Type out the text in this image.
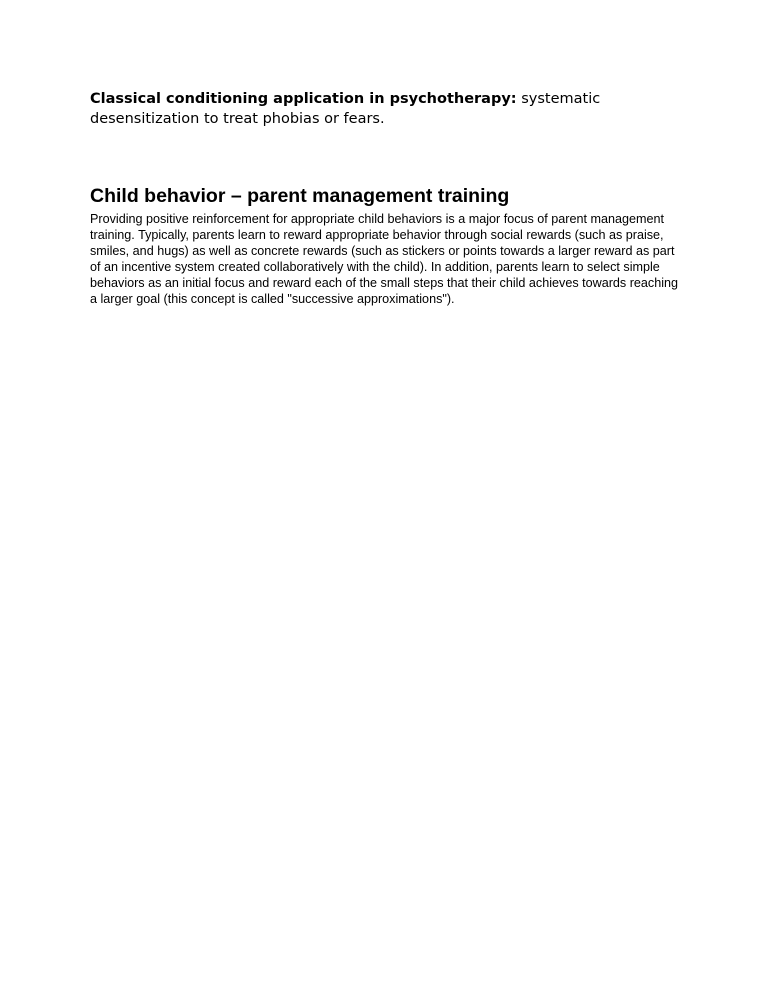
Classical conditioning application in psychotherapy: systematic desensitization to treat phobias or fears.

Child behavior – parent management training

Providing positive reinforcement for appropriate child behaviors is a major focus of parent management training. Typically, parents learn to reward appropriate behavior through social rewards (such as praise, smiles, and hugs) as well as concrete rewards (such as stickers or points towards a larger reward as part of an incentive system created collaboratively with the child). In addition, parents learn to select simple behaviors as an initial focus and reward each of the small steps that their child achieves towards reaching a larger goal (this concept is called "successive approximations").
